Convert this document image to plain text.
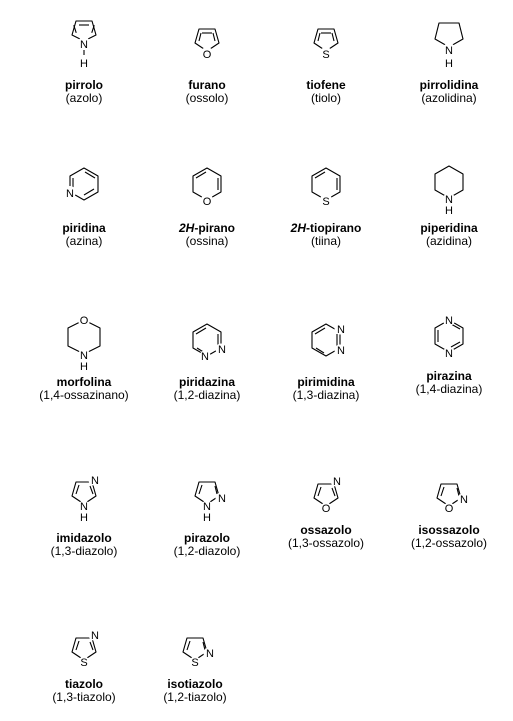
N
H
pirrolo
(azolo)
O
furano
(ossolo)
S
tiofene
(tiolo)
N
H
pirrolidina
(azolidina)
N
piridina
(azina)
O
2H-pirano
(ossina)
S
2H-tiopirano
(tiina)
N
H
piperidina
(azidina)
O
N
H
morfolina
(1,4-ossazinano)
N
N
piridazina
(1,2-diazina)
N
N
pirimidina
(1,3-diazina)
N
N
pirazina
(1,4-diazina)
N
N
H
imidazolo
(1,3-diazolo)
N
N
H
pirazolo
(1,2-diazolo)
N
O
ossazolo
(1,3-ossazolo)
N
O
isossazolo
(1,2-ossazolo)
N
S
tiazolo
(1,3-tiazolo)
N
S
isotiazolo
(1,2-tiazolo)
